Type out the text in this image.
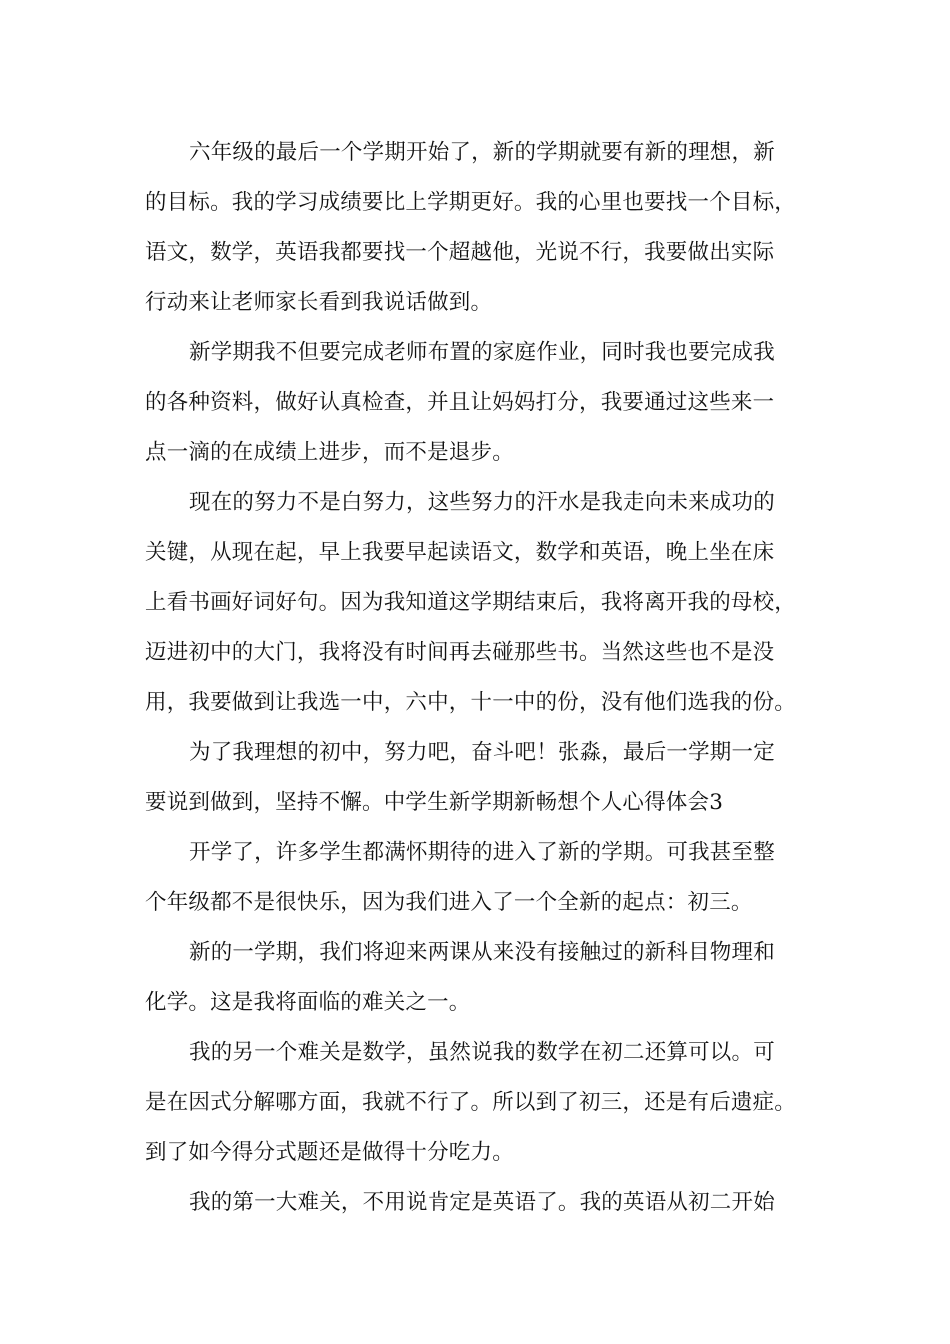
六年级的最后一个学期开始了，新的学期就要有新的理想，新
的目标。我的学习成绩要比上学期更好。我的心里也要找一个目标，
语文，数学，英语我都要找一个超越他，光说不行，我要做出实际
行动来让老师家长看到我说话做到。
新学期我不但要完成老师布置的家庭作业，同时我也要完成我
的各种资料，做好认真检查，并且让妈妈打分，我要通过这些来一
点一滴的在成绩上进步，而不是退步。
现在的努力不是白努力，这些努力的汗水是我走向未来成功的
关键，从现在起，早上我要早起读语文，数学和英语，晚上坐在床
上看书画好词好句。因为我知道这学期结束后，我将离开我的母校，
迈进初中的大门，我将没有时间再去碰那些书。当然这些也不是没
用，我要做到让我选一中，六中，十一中的份，没有他们选我的份。
为了我理想的初中，努力吧，奋斗吧！张淼，最后一学期一定
要说到做到，坚持不懈。中学生新学期新畅想个人心得体会3
开学了，许多学生都满怀期待的进入了新的学期。可我甚至整
个年级都不是很快乐，因为我们进入了一个全新的起点：初三。
新的一学期，我们将迎来两课从来没有接触过的新科目物理和
化学。这是我将面临的难关之一。
我的另一个难关是数学，虽然说我的数学在初二还算可以。可
是在因式分解哪方面，我就不行了。所以到了初三，还是有后遗症。
到了如今得分式题还是做得十分吃力。
我的第一大难关，不用说肯定是英语了。我的英语从初二开始
